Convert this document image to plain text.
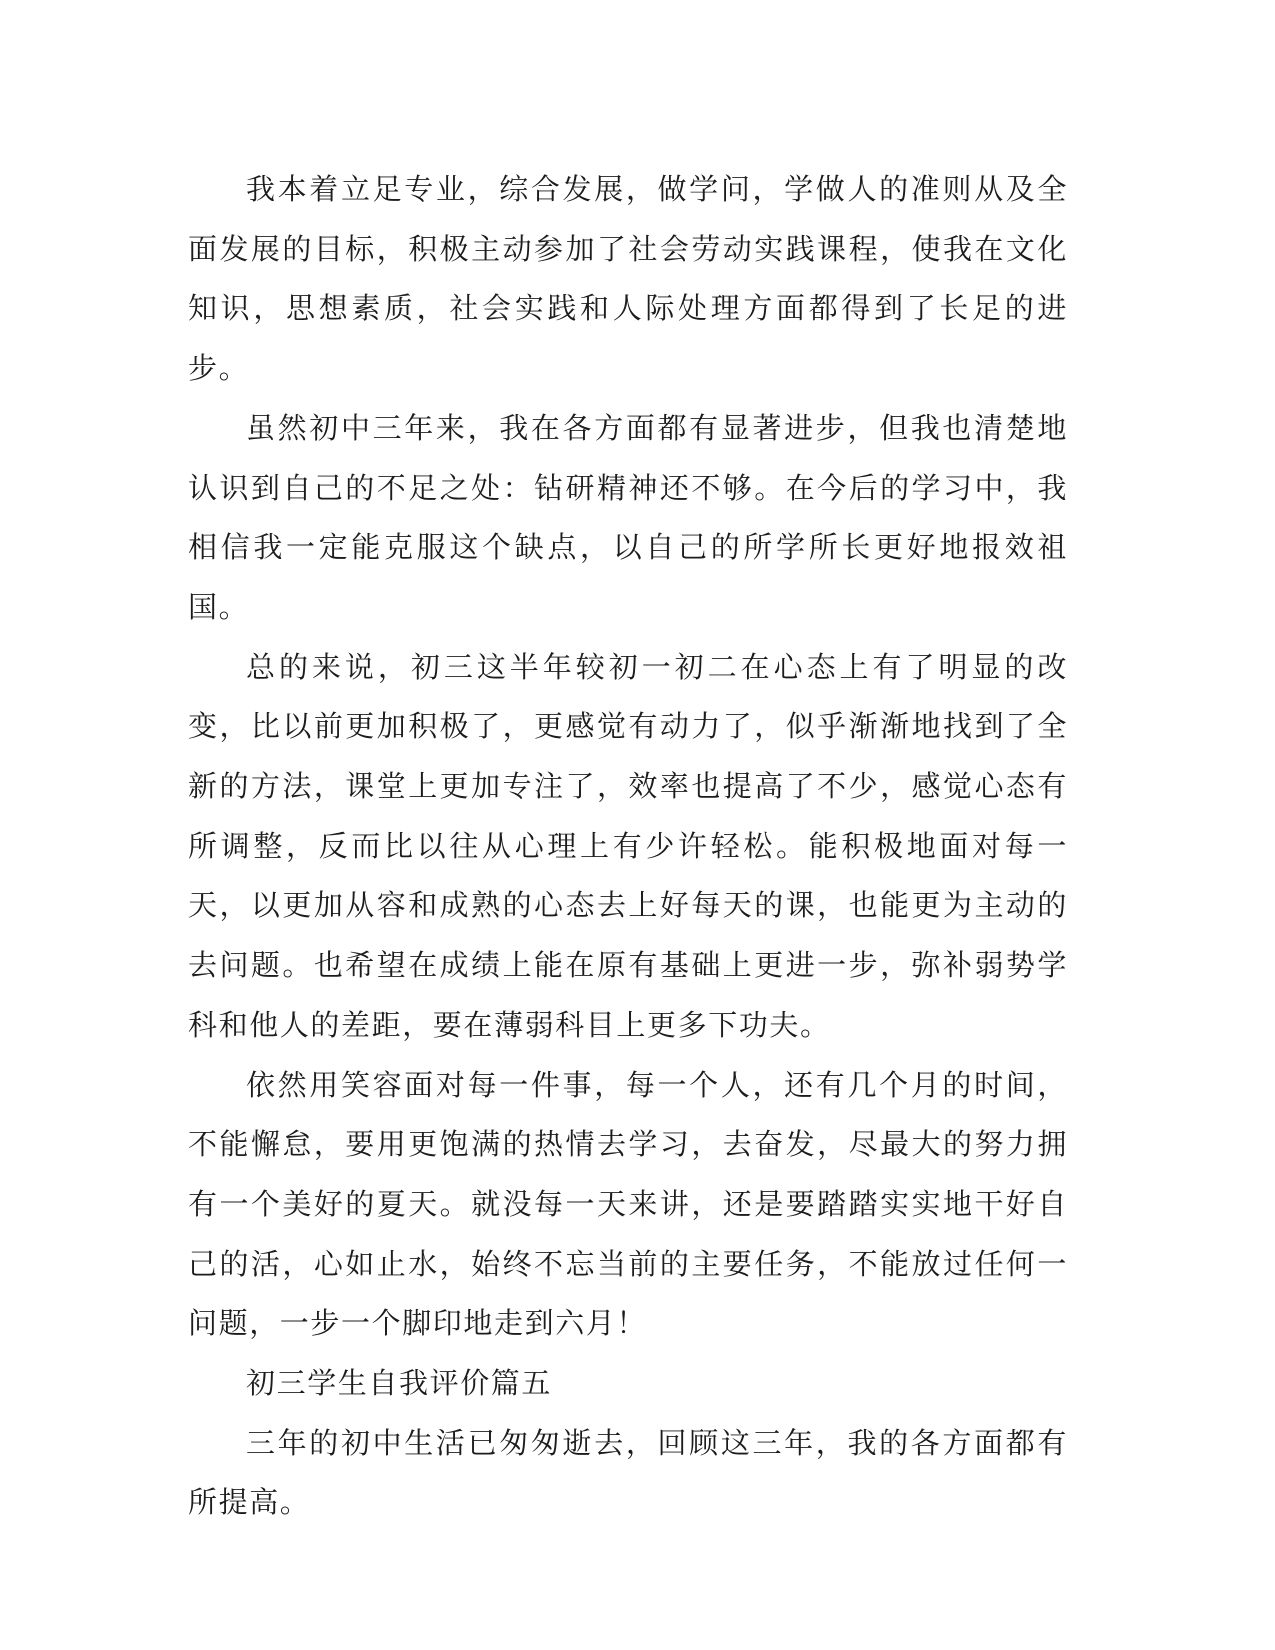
我本着立足专业，综合发展，做学问，学做人的准则从及全面发展的目标，积极主动参加了社会劳动实践课程，使我在文化知识，思想素质，社会实践和人际处理方面都得到了长足的进步。

虽然初中三年来，我在各方面都有显著进步，但我也清楚地认识到自己的不足之处：钻研精神还不够。在今后的学习中，我相信我一定能克服这个缺点，以自己的所学所长更好地报效祖国。

总的来说，初三这半年较初一初二在心态上有了明显的改变，比以前更加积极了，更感觉有动力了，似乎渐渐地找到了全新的方法，课堂上更加专注了，效率也提高了不少，感觉心态有所调整，反而比以往从心理上有少许轻松。能积极地面对每一天，以更加从容和成熟的心态去上好每天的课，也能更为主动的去问题。也希望在成绩上能在原有基础上更进一步，弥补弱势学科和他人的差距，要在薄弱科目上更多下功夫。

依然用笑容面对每一件事，每一个人，还有几个月的时间，不能懈怠，要用更饱满的热情去学习，去奋发，尽最大的努力拥有一个美好的夏天。就没每一天来讲，还是要踏踏实实地干好自己的活，心如止水，始终不忘当前的主要任务，不能放过任何一问题，一步一个脚印地走到六月！

初三学生自我评价篇五

三年的初中生活已匆匆逝去，回顾这三年，我的各方面都有所提高。
